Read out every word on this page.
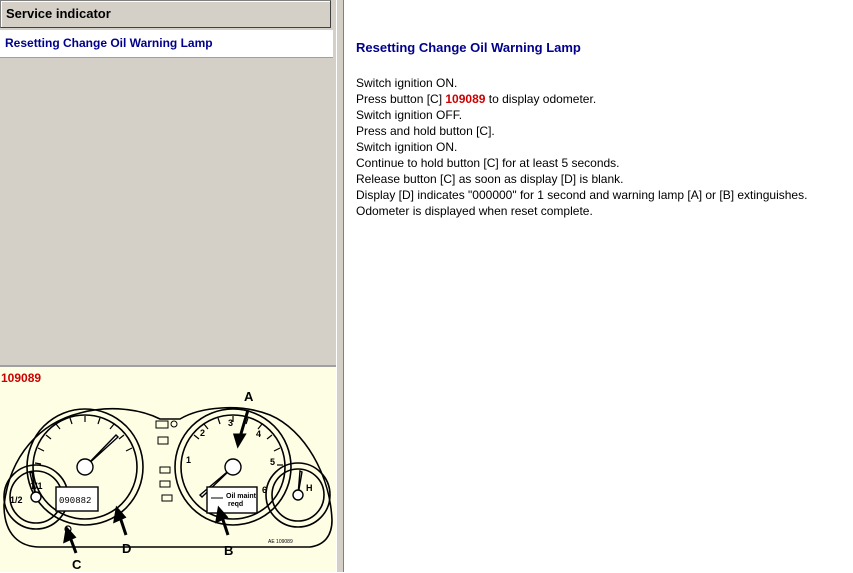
Service indicator
Resetting Change Oil Warning Lamp
109089
090882	Oil maint
reqd
1
2
3
4
5
6
1/1
1/2
H
A
B
C
D	AE 109089
Resetting Change Oil Warning Lamp
Switch ignition ON.
Press button [C] 109089 to display odometer.
Switch ignition OFF.
Press and hold button [C].
Switch ignition ON.
Continue to hold button [C] for at least 5 seconds.
Release button [C] as soon as display [D] is blank.
Display [D] indicates "000000" for 1 second and warning lamp [A] or [B] extinguishes.
Odometer is displayed when reset complete.
